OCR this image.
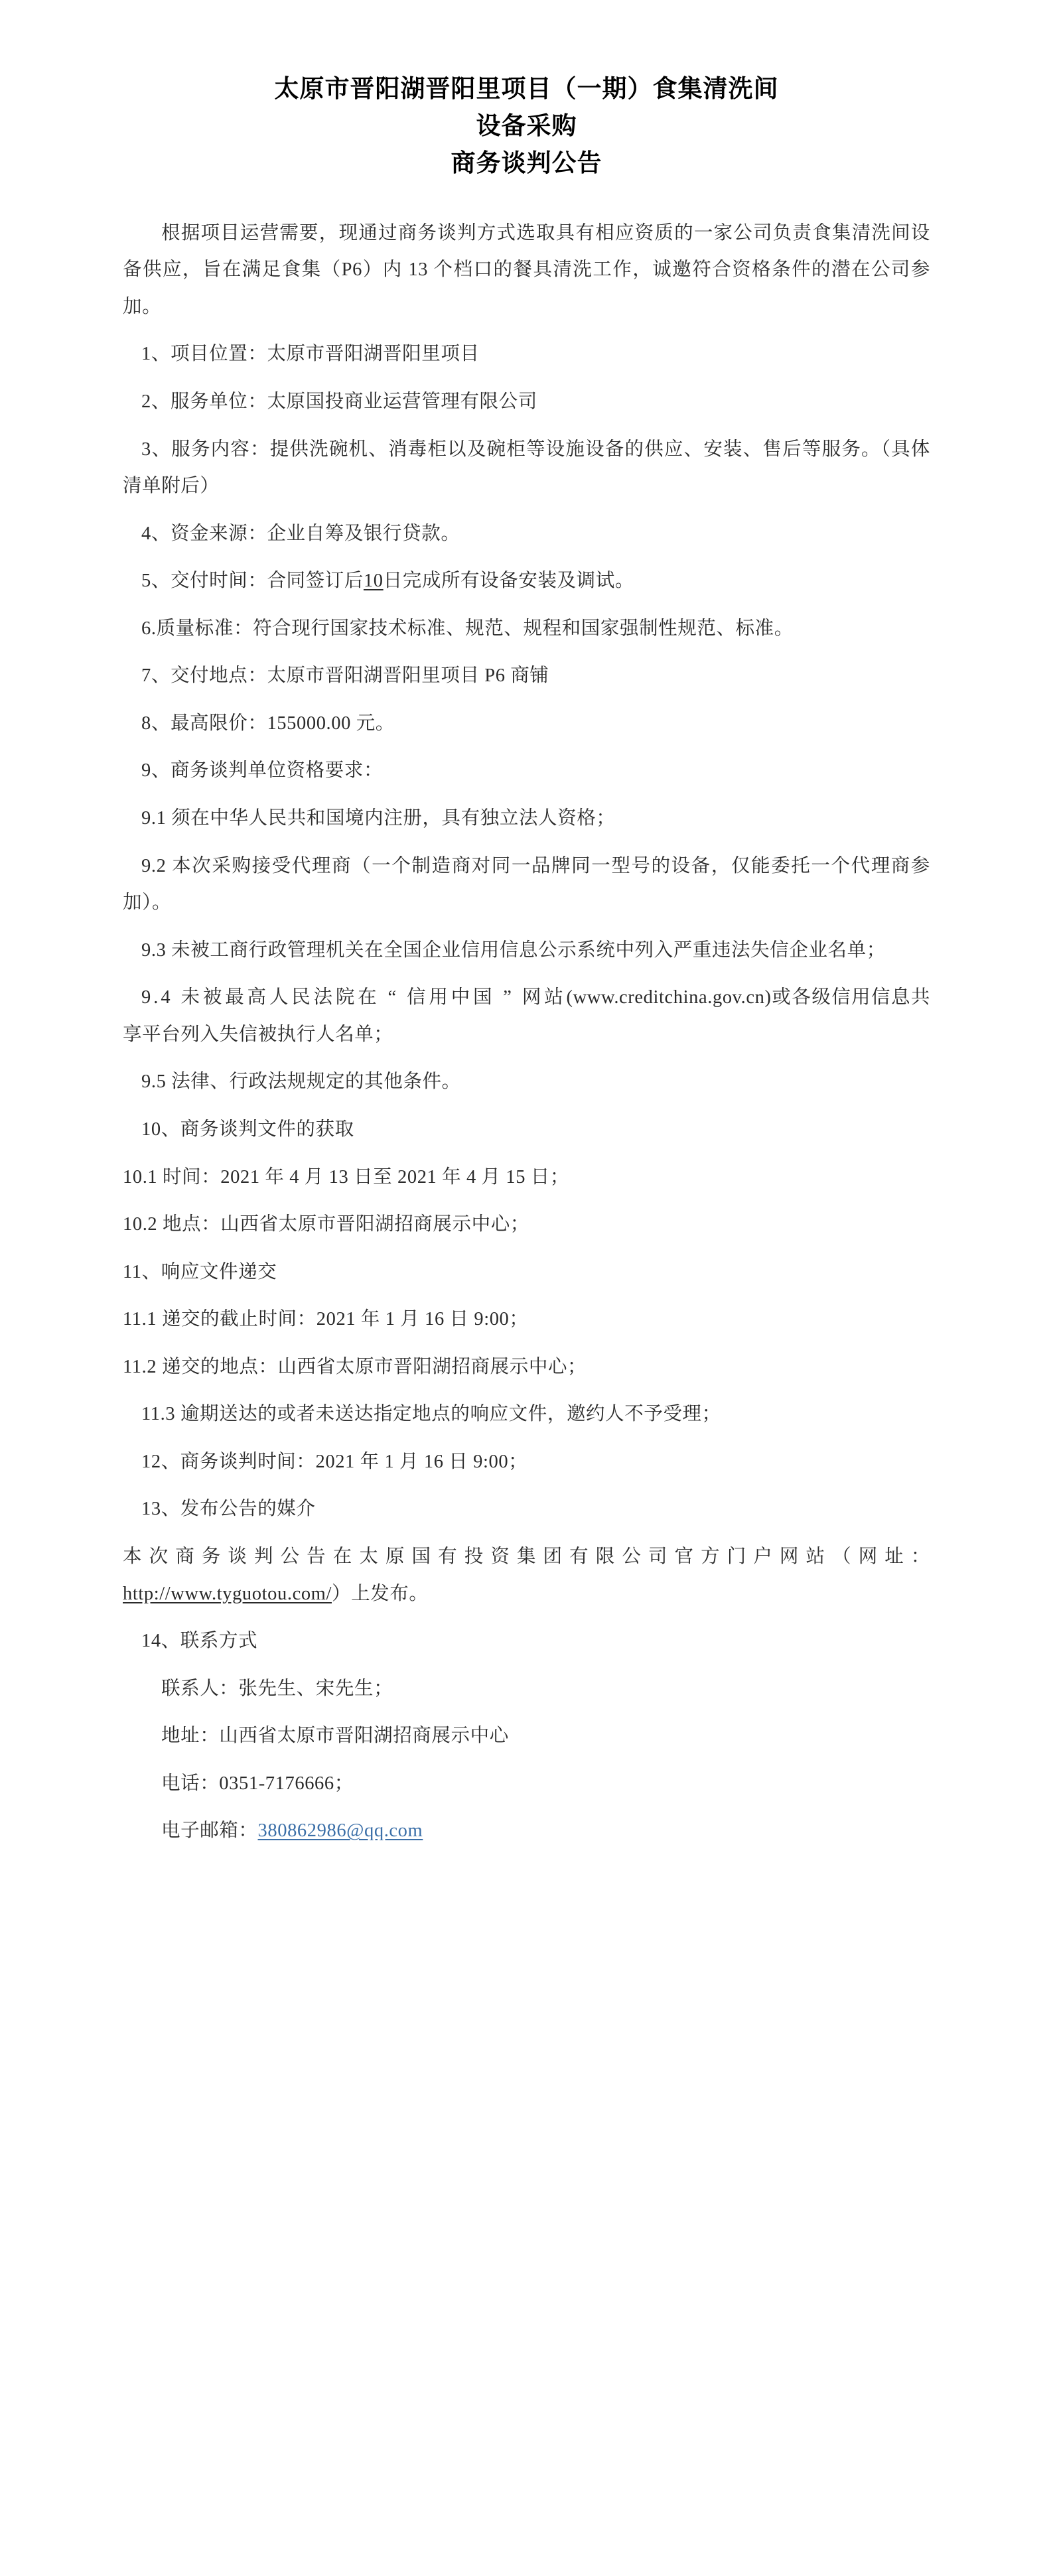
太原市晋阳湖晋阳里项目（一期）食集清洗间
设备采购
商务谈判公告

根据项目运营需要，现通过商务谈判方式选取具有相应资质的一家公司负责食集清洗间设备供应，旨在满足食集（P6）内 13 个档口的餐具清洗工作，诚邀符合资格条件的潜在公司参加。

1、项目位置：太原市晋阳湖晋阳里项目

2、服务单位：太原国投商业运营管理有限公司

3、服务内容：提供洗碗机、消毒柜以及碗柜等设施设备的供应、安装、售后等服务。（具体清单附后）

4、资金来源：企业自筹及银行贷款。

5、交付时间：合同签订后10日完成所有设备安装及调试。

6.质量标准：符合现行国家技术标准、规范、规程和国家强制性规范、标准。

7、交付地点：太原市晋阳湖晋阳里项目 P6 商铺

8、最高限价：155000.00 元。

9、商务谈判单位资格要求：

9.1 须在中华人民共和国境内注册，具有独立法人资格；

9.2 本次采购接受代理商（一个制造商对同一品牌同一型号的设备，仅能委托一个代理商参加）。

9.3 未被工商行政管理机关在全国企业信用信息公示系统中列入严重违法失信企业名单；

9.4 未被最高人民法院在 “ 信用中国 ” 网站(www.creditchina.gov.cn)或各级信用信息共享平台列入失信被执行人名单；

9.5 法律、行政法规规定的其他条件。

10、商务谈判文件的获取

10.1 时间：2021 年 4 月 13 日至 2021 年 4 月 15 日；

10.2 地点：山西省太原市晋阳湖招商展示中心；

11、响应文件递交

11.1 递交的截止时间：2021 年 1 月 16 日 9:00；

11.2 递交的地点：山西省太原市晋阳湖招商展示中心；

11.3 逾期送达的或者未送达指定地点的响应文件，邀约人不予受理；

12、商务谈判时间：2021 年 1 月 16 日 9:00；

13、发布公告的媒介

本次商务谈判公告在太原国有投资集团有限公司官方门户网站（网址：http://www.tyguotou.com/）上发布。

14、联系方式

联系人：张先生、宋先生；

地址：山西省太原市晋阳湖招商展示中心

电话：0351-7176666；

电子邮箱：380862986@qq.com
